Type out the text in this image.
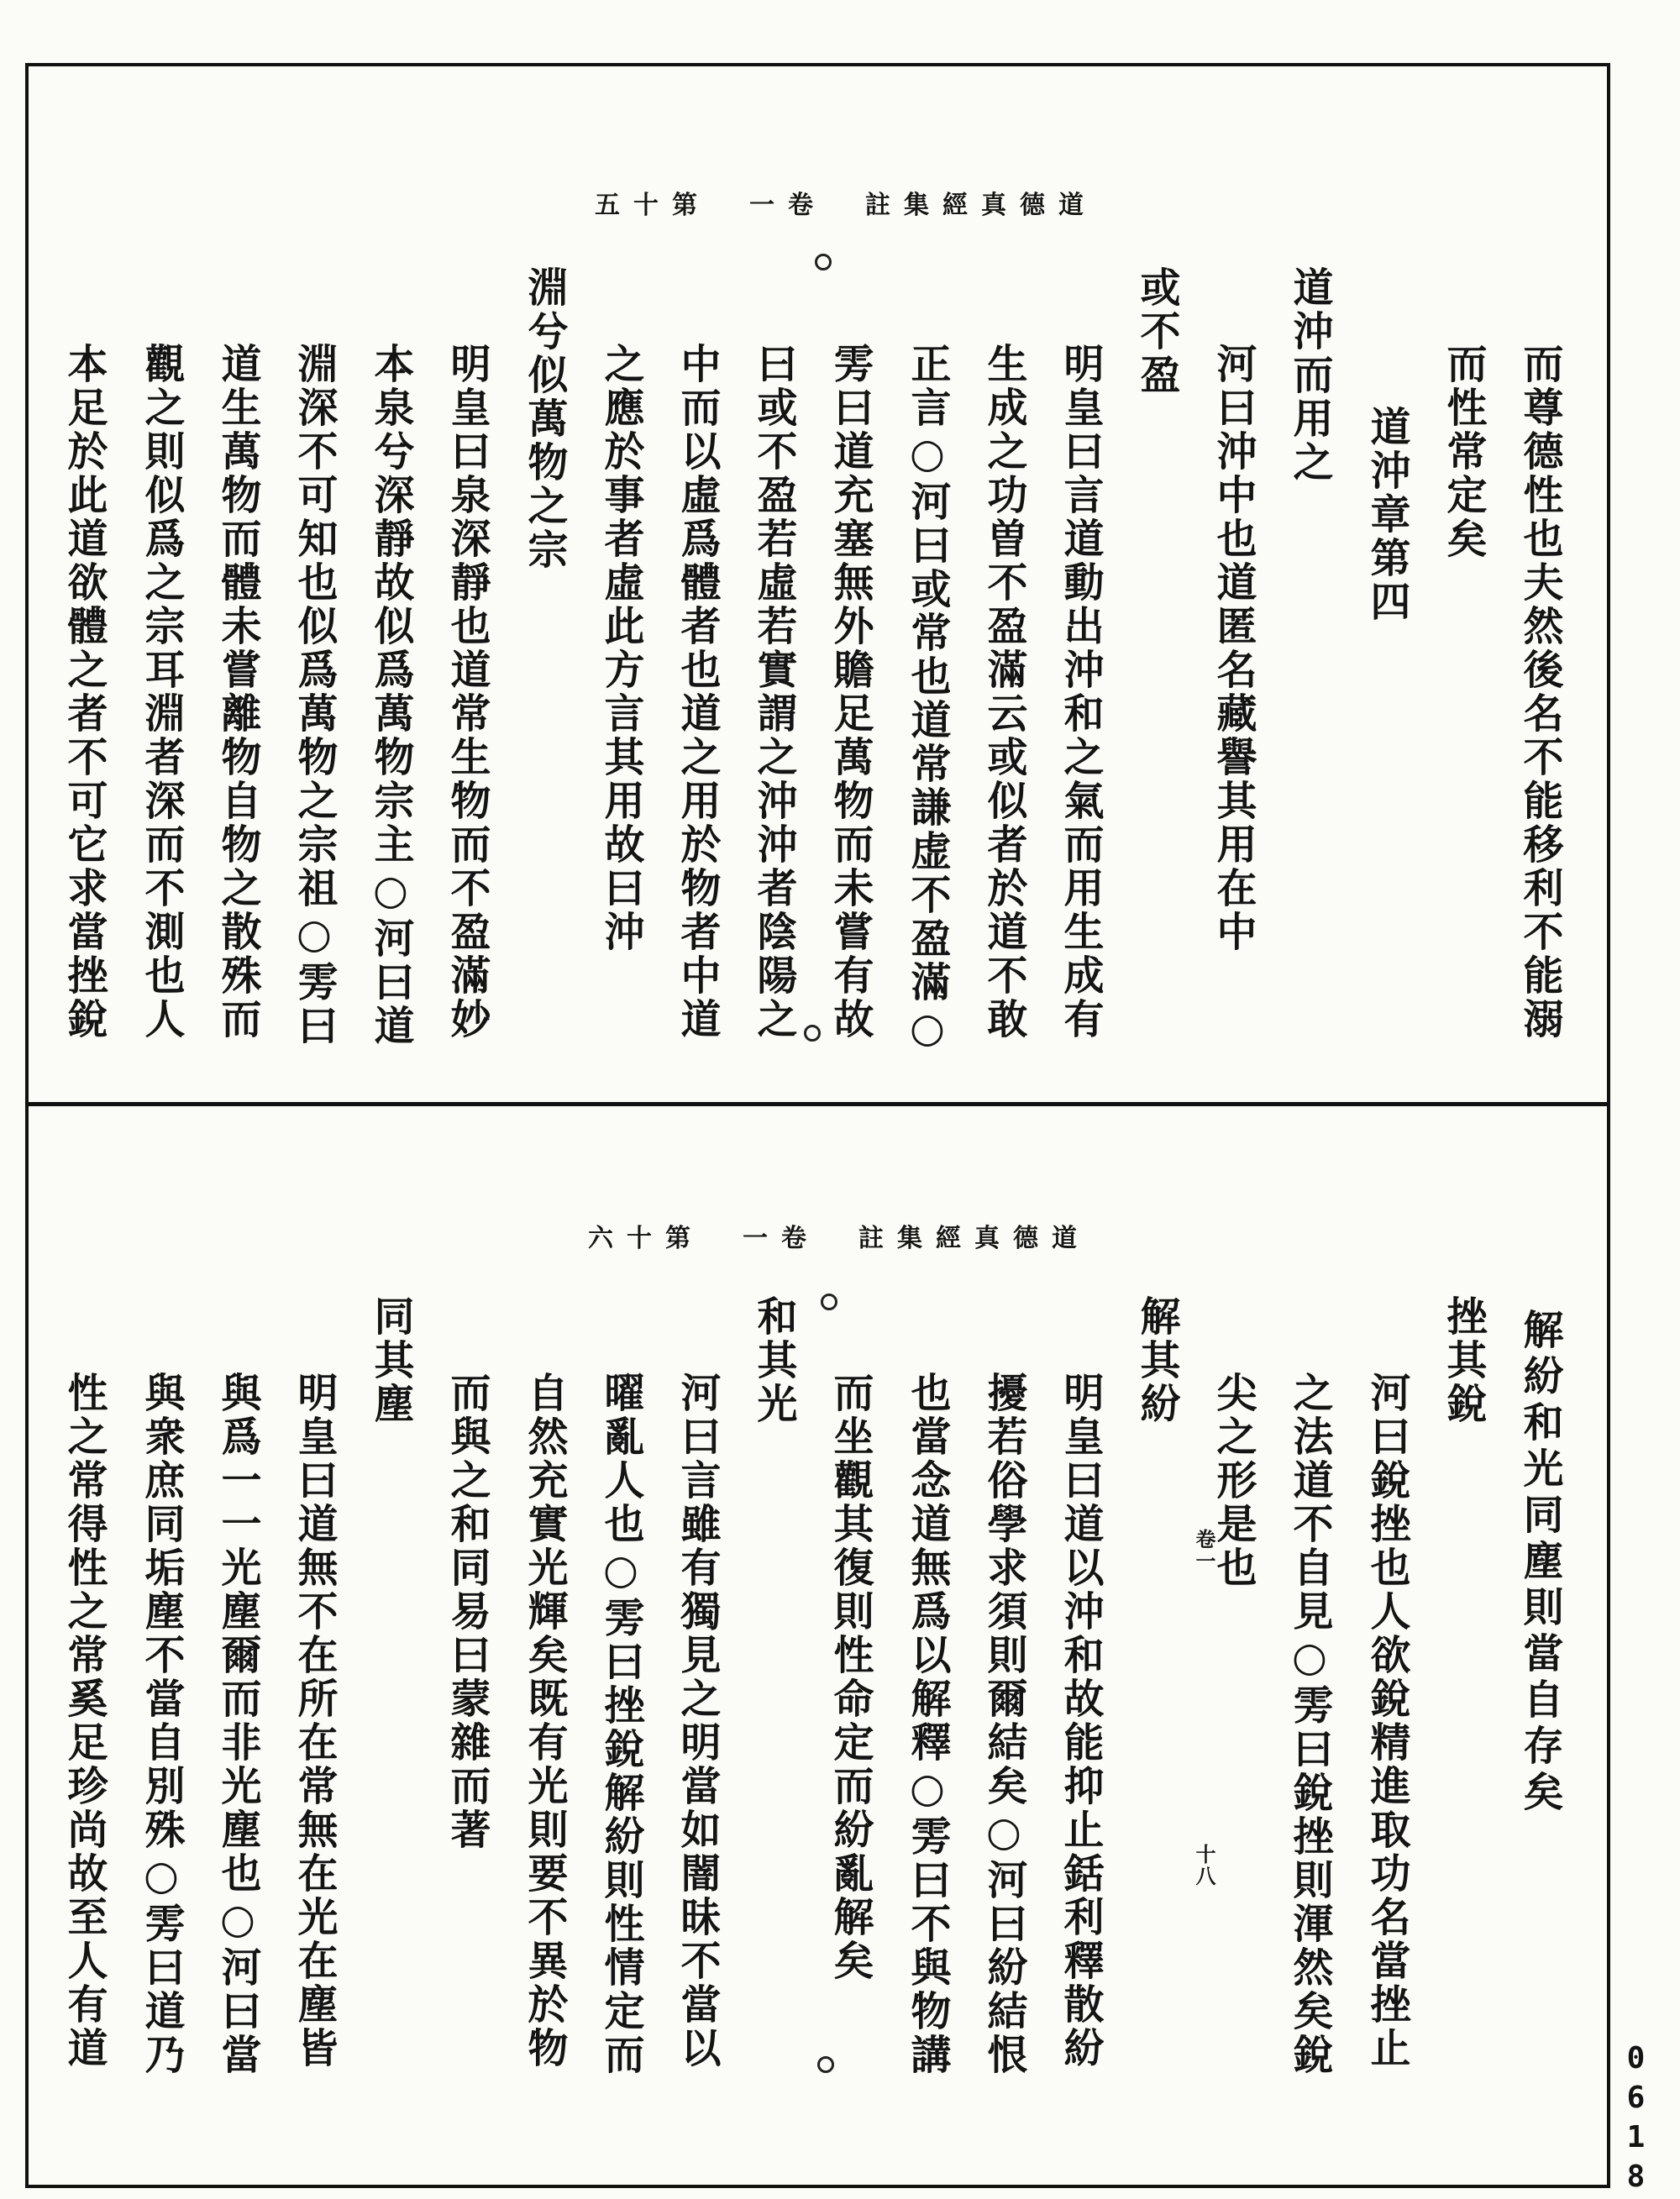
道德真經集註　卷一　第十五
而尊德性也夫然後名不能移利不能溺
而性常定矣
道沖章第四
道沖而用之
河曰沖中也道匿名藏譽其用在中
或不盈
明皇曰言道動出沖和之氣而用生成有
生成之功曽不盈滿云或似者於道不敢
正言○河曰或常也道常謙虚不盈滿○
雱曰道充塞無外贍足萬物而未嘗有故
曰或不盈若虛若實謂之沖沖者陰陽之
中而以虛爲體者也道之用於物者中道
之應於事者虛此方言其用故曰沖
淵兮似萬物之宗
明皇曰泉深靜也道常生物而不盈滿妙
本泉兮深靜故似爲萬物宗主○河曰道
淵深不可知也似爲萬物之宗祖○雱曰
道生萬物而體未嘗離物自物之散殊而
觀之則似爲之宗耳淵者深而不測也人
本足於此道欲體之者不可它求當挫銳
道德真經集註　卷一　第十六
解紛和光同塵則當自存矣
挫其銳
河曰銳挫也人欲銳精進取功名當挫止
之法道不自見○雱曰銳挫則渾然矣銳
尖之形是也
解其紛
明皇曰道以沖和故能抑止銛利釋散紛
擾若俗學求須則爾結矣○河曰紛結恨
也當念道無爲以解釋○雱曰不與物講
而坐觀其復則性命定而紛亂解矣
和其光
河曰言雖有獨見之明當如闇昧不當以
曜亂人也○雱曰挫銳解紛則性情定而
自然充實光輝矣既有光則要不異於物
而與之和同易曰蒙雜而著
同其塵
明皇曰道無不在所在常無在光在塵皆
與爲一一光塵爾而非光塵也○河曰當
與衆庶同垢塵不當自別殊○雱曰道乃
性之常得性之常奚足珍尚故至人有道	卷一
十八
0618
